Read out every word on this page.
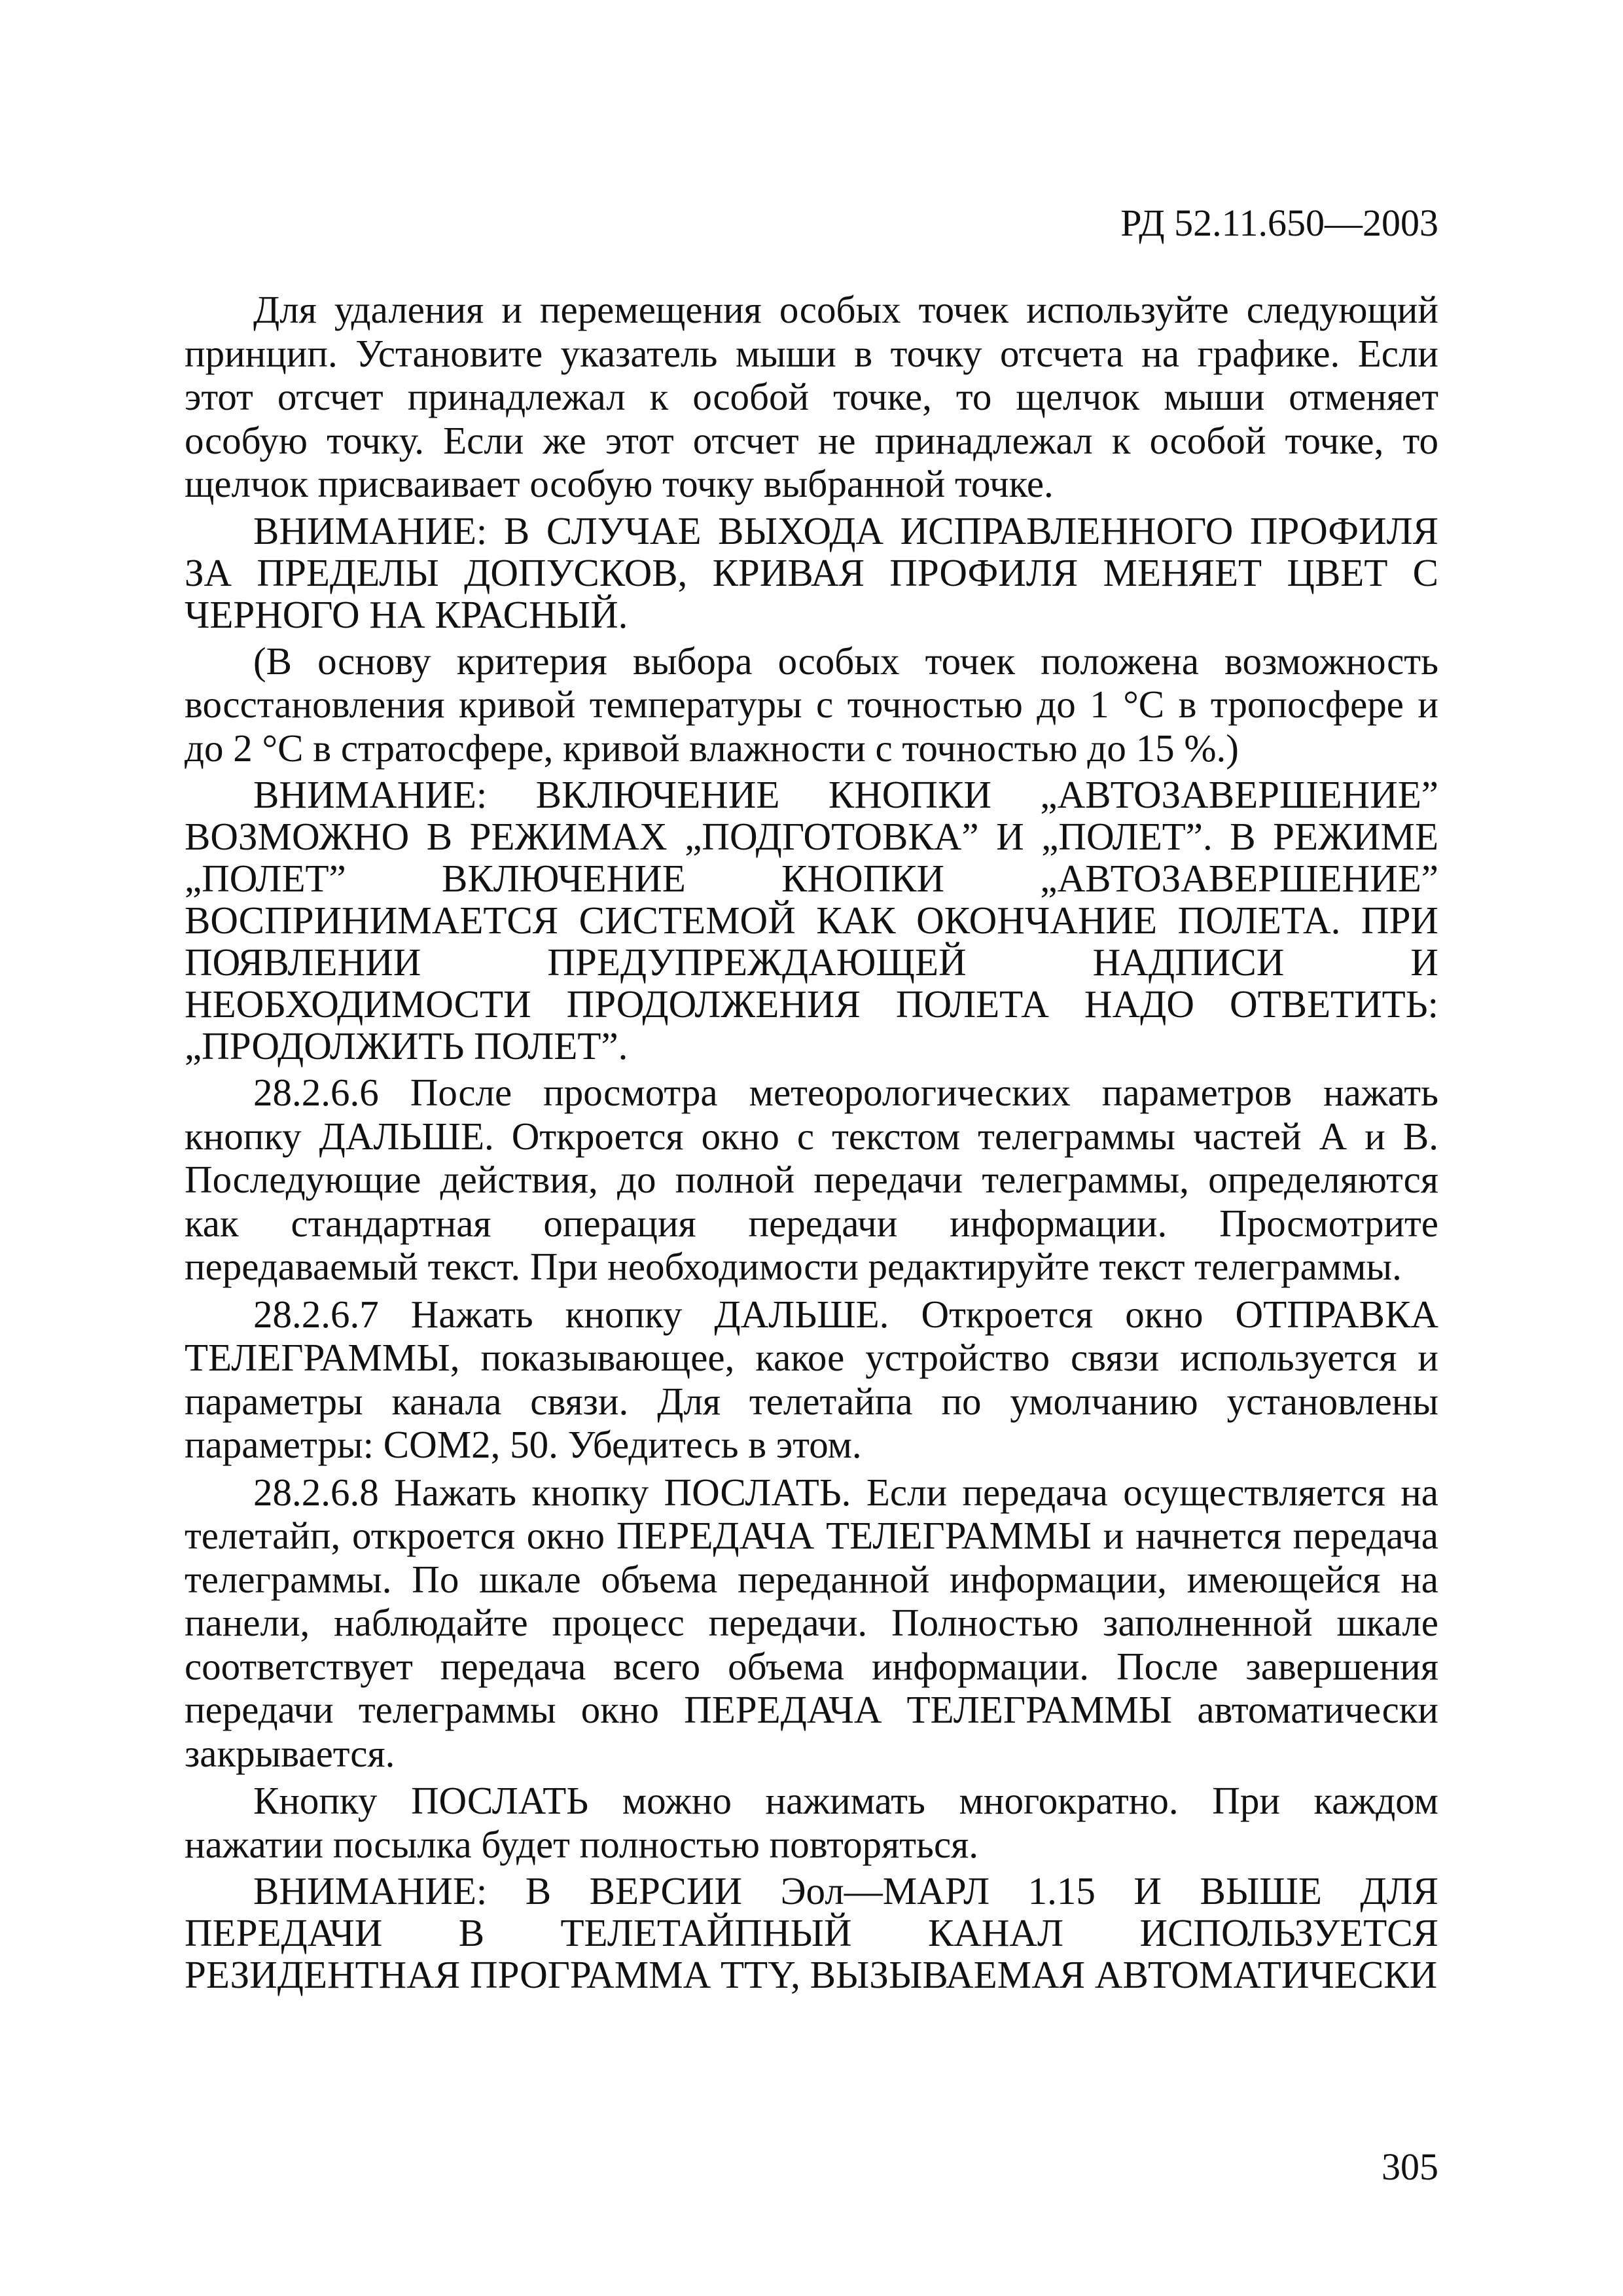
РД 52.11.650—2003

Для удаления и перемещения особых точек используйте следующий принцип. Установите указатель мыши в точку отсчета на графике. Если этот отсчет принадлежал к особой точке, то щелчок мыши отменяет особую точку. Если же этот отсчет не принадлежал к особой точке, то щелчок присваивает особую точку выбранной точке.

ВНИМАНИЕ: В СЛУЧАЕ ВЫХОДА ИСПРАВЛЕННОГО ПРОФИЛЯ ЗА ПРЕДЕЛЫ ДОПУСКОВ, КРИВАЯ ПРОФИЛЯ МЕНЯЕТ ЦВЕТ С ЧЕРНОГО НА КРАСНЫЙ.

(В основу критерия выбора особых точек положена возможность восстановления кривой температуры с точностью до 1 °С в тропосфере и до 2 °С в стратосфере, кривой влажности с точностью до 15 %.)

ВНИМАНИЕ: ВКЛЮЧЕНИЕ КНОПКИ „АВТОЗАВЕРШЕНИЕ” ВОЗМОЖНО В РЕЖИМАХ „ПОДГОТОВКА” И „ПОЛЕТ”. В РЕЖИМЕ „ПОЛЕТ” ВКЛЮЧЕНИЕ КНОПКИ „АВТОЗАВЕРШЕНИЕ” ВОСПРИНИМАЕТСЯ СИСТЕМОЙ КАК ОКОНЧАНИЕ ПОЛЕТА. ПРИ ПОЯВЛЕНИИ ПРЕДУПРЕЖДАЮЩЕЙ НАДПИСИ И НЕОБХОДИМОСТИ ПРОДОЛЖЕНИЯ ПОЛЕТА НАДО ОТВЕТИТЬ: „ПРОДОЛЖИТЬ ПОЛЕТ”.

28.2.6.6 После просмотра метеорологических параметров нажать кнопку ДАЛЬШЕ. Откроется окно с текстом телеграммы частей А и В. Последующие действия, до полной передачи телеграммы, определяются как стандартная операция передачи информации. Просмотрите передаваемый текст. При необходимости редактируйте текст телеграммы.

28.2.6.7 Нажать кнопку ДАЛЬШЕ. Откроется окно ОТПРАВКА ТЕЛЕГРАММЫ, показывающее, какое устройство связи используется и параметры канала связи. Для телетайпа по умолчанию установлены параметры: COM2, 50. Убедитесь в этом.

28.2.6.8 Нажать кнопку ПОСЛАТЬ. Если передача осуществляется на телетайп, откроется окно ПЕРЕДАЧА ТЕЛЕГРАММЫ и начнется передача телеграммы. По шкале объема переданной информации, имеющейся на панели, наблюдайте процесс передачи. Полностью заполненной шкале соответствует передача всего объема информации. После завершения передачи телеграммы окно ПЕРЕДАЧА ТЕЛЕГРАММЫ автоматически закрывается.

Кнопку ПОСЛАТЬ можно нажимать многократно. При каждом нажатии посылка будет полностью повторяться.

ВНИМАНИЕ: В ВЕРСИИ Эол—МАРЛ 1.15 И ВЫШЕ ДЛЯ ПЕРЕДАЧИ В ТЕЛЕТАЙПНЫЙ КАНАЛ ИСПОЛЬЗУЕТСЯ РЕЗИДЕНТНАЯ ПРОГРАММА TTY, ВЫЗЫВАЕМАЯ АВТОМАТИЧЕСКИ

305
